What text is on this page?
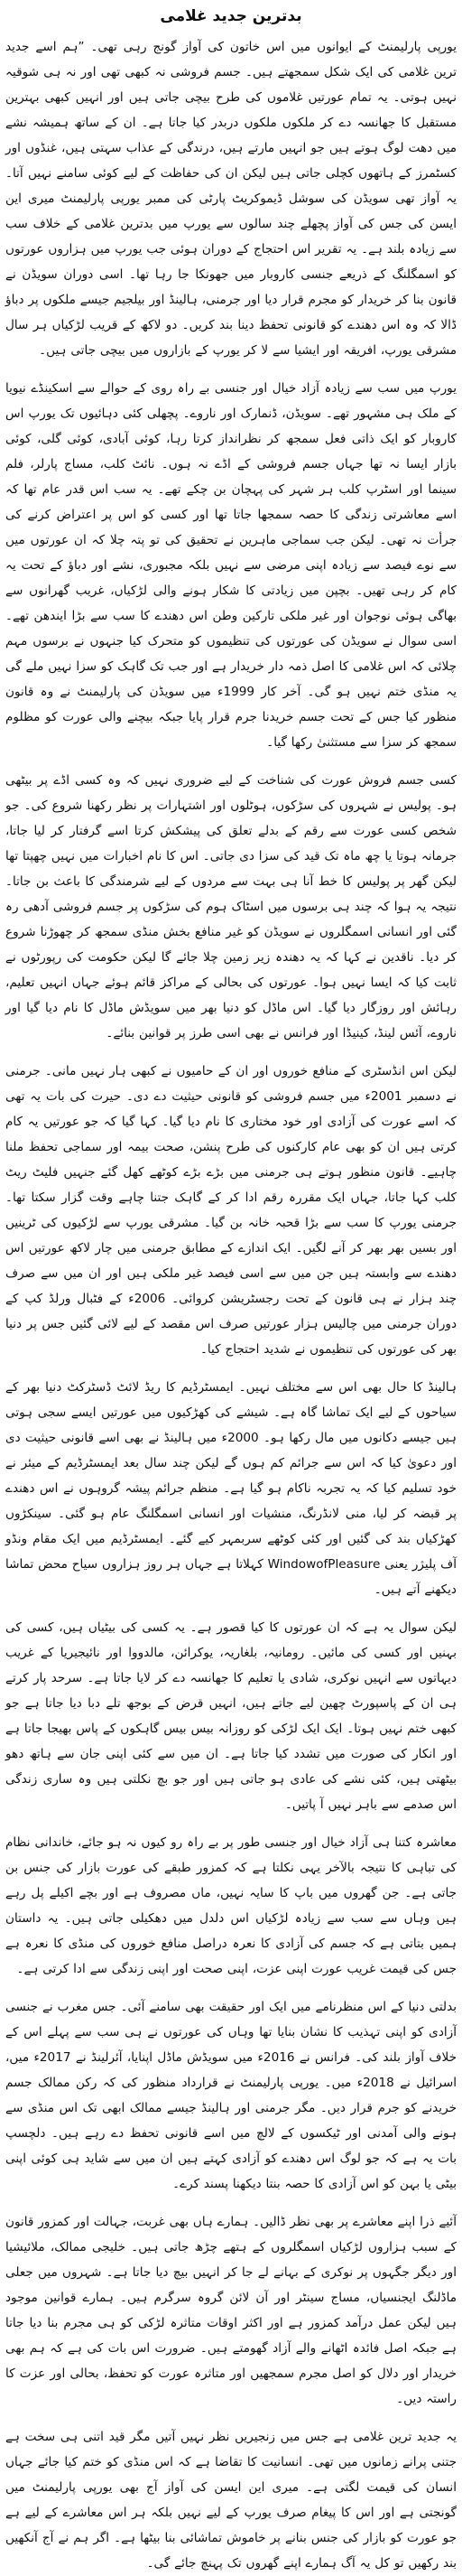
بدترین جدید غلامی
یورپی پارلیمنٹ کے ایوانوں میں اس خاتون کی آواز گونج رہی تھی۔ ”ہم اسے جدید ترین غلامی کی ایک شکل سمجھتے ہیں۔ جسم فروشی نہ کبھی تھی اور نہ ہی شوقیہ نہیں ہوتی۔ یہ تمام عورتیں غلاموں کی طرح بیچی جاتی ہیں اور انہیں کبھی بہترین مستقبل کا جھانسہ دے کر ملکوں ملکوں دربدر کیا جاتا ہے۔ ان کے ساتھ ہمیشہ نشے میں دھت لوگ ہوتے ہیں جو انہیں مارتے ہیں، درندگی کے عذاب سہتی ہیں، غنڈوں اور کسٹمرز کے ہاتھوں کچلی جاتی ہیں لیکن ان کی حفاظت کے لیے کوئی سامنے نہیں آتا۔ یہ آواز تھی سویڈن کی سوشل ڈیموکریٹ پارٹی کی ممبر یورپی پارلیمنٹ میری این ایسن کی جس کی آواز پچھلے چند سالوں سے یورپ میں بدترین غلامی کے خلاف سب سے زیادہ بلند ہے۔ یہ تقریر اس احتجاج کے دوران ہوئی جب یورپ میں ہزاروں عورتوں کو اسمگلنگ کے ذریعے جنسی کاروبار میں جھونکا جا رہا تھا۔ اسی دوران سویڈن نے قانون بنا کر خریدار کو مجرم قرار دیا اور جرمنی، ہالینڈ اور بیلجیم جیسے ملکوں پر دباؤ ڈالا کہ وہ اس دھندے کو قانونی تحفظ دینا بند کریں۔ دو لاکھ کے قریب لڑکیاں ہر سال مشرقی یورپ، افریقہ اور ایشیا سے لا کر یورپ کے بازاروں میں بیچی جاتی ہیں۔
یورپ میں سب سے زیادہ آزاد خیال اور جنسی بے راہ روی کے حوالے سے اسکینڈے نیویا کے ملک ہی مشہور تھے۔ سویڈن، ڈنمارک اور ناروے۔ پچھلی کئی دہائیوں تک یورپ اس کاروبار کو ایک ذاتی فعل سمجھ کر نظرانداز کرتا رہا، کوئی آبادی، کوئی گلی، کوئی بازار ایسا نہ تھا جہاں جسم فروشی کے اڈے نہ ہوں۔ نائٹ کلب، مساج پارلر، فلم سینما اور اسٹرپ کلب ہر شہر کی پہچان بن چکے تھے۔ یہ سب اس قدر عام تھا کہ اسے معاشرتی زندگی کا حصہ سمجھا جاتا تھا اور کسی کو اس پر اعتراض کرنے کی جرأت نہ تھی۔ لیکن جب سماجی ماہرین نے تحقیق کی تو پتہ چلا کہ ان عورتوں میں سے نوے فیصد سے زیادہ اپنی مرضی سے نہیں بلکہ مجبوری، نشے اور دباؤ کے تحت یہ کام کر رہی تھیں۔ بچپن میں زیادتی کا شکار ہونے والی لڑکیاں، غریب گھرانوں سے بھاگی ہوئی نوجوان اور غیر ملکی تارکین وطن اس دھندے کا سب سے بڑا ایندھن تھے۔ اسی سوال نے سویڈن کی عورتوں کی تنظیموں کو متحرک کیا جنہوں نے برسوں مہم چلائی کہ اس غلامی کا اصل ذمہ دار خریدار ہے اور جب تک گاہک کو سزا نہیں ملے گی یہ منڈی ختم نہیں ہو گی۔ آخر کار 1999ء میں سویڈن کی پارلیمنٹ نے وہ قانون منظور کیا جس کے تحت جسم خریدنا جرم قرار پایا جبکہ بیچنے والی عورت کو مظلوم سمجھ کر سزا سے مستثنیٰ رکھا گیا۔
کسی جسم فروش عورت کی شناخت کے لیے ضروری نہیں کہ وہ کسی اڈے پر بیٹھی ہو۔ پولیس نے شہروں کی سڑکوں، ہوٹلوں اور اشتہارات پر نظر رکھنا شروع کی۔ جو شخص کسی عورت سے رقم کے بدلے تعلق کی پیشکش کرتا اسے گرفتار کر لیا جاتا، جرمانہ ہوتا یا چھ ماہ تک قید کی سزا دی جاتی۔ اس کا نام اخبارات میں نہیں چھپتا تھا لیکن گھر پر پولیس کا خط آنا ہی بہت سے مردوں کے لیے شرمندگی کا باعث بن جاتا۔ نتیجہ یہ ہوا کہ چند ہی برسوں میں اسٹاک ہوم کی سڑکوں پر جسم فروشی آدھی رہ گئی اور انسانی اسمگلروں نے سویڈن کو غیر منافع بخش منڈی سمجھ کر چھوڑنا شروع کر دیا۔ ناقدین نے کہا کہ یہ دھندہ زیر زمین چلا جائے گا لیکن حکومت کی رپورٹوں نے ثابت کیا کہ ایسا نہیں ہوا۔ عورتوں کی بحالی کے مراکز قائم ہوئے جہاں انہیں تعلیم، رہائش اور روزگار دیا گیا۔ اس ماڈل کو دنیا بھر میں سویڈش ماڈل کا نام دیا گیا اور ناروے، آئس لینڈ، کینیڈا اور فرانس نے بھی اسی طرز پر قوانین بنائے۔
لیکن اس انڈسٹری کے منافع خوروں اور ان کے حامیوں نے کبھی ہار نہیں مانی۔ جرمنی نے دسمبر 2001ء میں جسم فروشی کو قانونی حیثیت دے دی۔ حیرت کی بات یہ تھی کہ اسے عورت کی آزادی اور خود مختاری کا نام دیا گیا۔ کہا گیا کہ جو عورتیں یہ کام کرتی ہیں ان کو بھی عام کارکنوں کی طرح پنشن، صحت بیمہ اور سماجی تحفظ ملنا چاہیے۔ قانون منظور ہوتے ہی جرمنی میں بڑے بڑے کوٹھے کھل گئے جنہیں فلیٹ ریٹ کلب کہا جاتا، جہاں ایک مقررہ رقم ادا کر کے گاہک جتنا چاہے وقت گزار سکتا تھا۔ جرمنی یورپ کا سب سے بڑا قحبہ خانہ بن گیا۔ مشرقی یورپ سے لڑکیوں کی ٹرینیں اور بسیں بھر بھر کر آنے لگیں۔ ایک اندازے کے مطابق جرمنی میں چار لاکھ عورتیں اس دھندے سے وابستہ ہیں جن میں سے اسی فیصد غیر ملکی ہیں اور ان میں سے صرف چند ہزار نے ہی قانون کے تحت رجسٹریشن کروائی۔ 2006ء کے فٹبال ورلڈ کپ کے دوران جرمنی میں چالیس ہزار عورتیں صرف اس مقصد کے لیے لائی گئیں جس پر دنیا بھر کی عورتوں کی تنظیموں نے شدید احتجاج کیا۔
ہالینڈ کا حال بھی اس سے مختلف نہیں۔ ایمسٹرڈیم کا ریڈ لائٹ ڈسٹرکٹ دنیا بھر کے سیاحوں کے لیے ایک تماشا گاہ ہے۔ شیشے کی کھڑکیوں میں عورتیں ایسے سجی ہوتی ہیں جیسے دکانوں میں مال رکھا ہو۔ 2000ء میں ہالینڈ نے بھی اسے قانونی حیثیت دی اور دعویٰ کیا کہ اس سے جرائم کم ہوں گے لیکن چند سال بعد ایمسٹرڈیم کے میئر نے خود تسلیم کیا کہ یہ تجربہ ناکام ہو گیا ہے۔ منظم جرائم پیشہ گروہوں نے اس دھندے پر قبضہ کر لیا، منی لانڈرنگ، منشیات اور انسانی اسمگلنگ عام ہو گئی۔ سینکڑوں کھڑکیاں بند کی گئیں اور کئی کوٹھے سربمہر کیے گئے۔ ایمسٹرڈیم میں ایک مقام ونڈو آف پلیژر یعنی WindowofPleasure کہلاتا ہے جہاں ہر روز ہزاروں سیاح محض تماشا دیکھنے آتے ہیں۔
لیکن سوال یہ ہے کہ ان عورتوں کا کیا قصور ہے۔ یہ کسی کی بیٹیاں ہیں، کسی کی بہنیں اور کسی کی مائیں۔ رومانیہ، بلغاریہ، یوکرائن، مالدووا اور نائیجیریا کے غریب دیہاتوں سے انہیں نوکری، شادی یا تعلیم کا جھانسہ دے کر لایا جاتا ہے۔ سرحد پار کرتے ہی ان کے پاسپورٹ چھین لیے جاتے ہیں، انہیں قرض کے بوجھ تلے دبا دیا جاتا ہے جو کبھی ختم نہیں ہوتا۔ ایک ایک لڑکی کو روزانہ بیس بیس گاہکوں کے پاس بھیجا جاتا ہے اور انکار کی صورت میں تشدد کیا جاتا ہے۔ ان میں سے کئی اپنی جان سے ہاتھ دھو بیٹھتی ہیں، کئی نشے کی عادی ہو جاتی ہیں اور جو بچ نکلتی ہیں وہ ساری زندگی اس صدمے سے باہر نہیں آ پاتیں۔
معاشرہ کتنا ہی آزاد خیال اور جنسی طور پر بے راہ رو کیوں نہ ہو جائے، خاندانی نظام کی تباہی کا نتیجہ بالآخر یہی نکلتا ہے کہ کمزور طبقے کی عورت بازار کی جنس بن جاتی ہے۔ جن گھروں میں باپ کا سایہ نہیں، ماں مصروف ہے اور بچے اکیلے پل رہے ہیں وہاں سے سب سے زیادہ لڑکیاں اس دلدل میں دھکیلی جاتی ہیں۔ یہ داستان ہمیں بتاتی ہے کہ جسم کی آزادی کا نعرہ دراصل منافع خوروں کی منڈی کا نعرہ ہے جس کی قیمت غریب عورت اپنی عزت، اپنی صحت اور اپنی زندگی سے ادا کرتی ہے۔
بدلتی دنیا کے اس منظرنامے میں ایک اور حقیقت بھی سامنے آئی۔ جس مغرب نے جنسی آزادی کو اپنی تہذیب کا نشان بنایا تھا وہاں کی عورتوں نے ہی سب سے پہلے اس کے خلاف آواز بلند کی۔ فرانس نے 2016ء میں سویڈش ماڈل اپنایا، آئرلینڈ نے 2017ء میں، اسرائیل نے 2018ء میں۔ یورپی پارلیمنٹ نے قرارداد منظور کی کہ رکن ممالک جسم خریدنے کو جرم قرار دیں۔ مگر جرمنی اور ہالینڈ جیسے ممالک ابھی تک اس منڈی سے ہونے والی آمدنی اور ٹیکسوں کے لالچ میں اسے قانونی تحفظ دے رہے ہیں۔ دلچسپ بات یہ ہے کہ جو لوگ اس دھندے کو آزادی کہتے ہیں ان میں سے شاید ہی کوئی اپنی بیٹی یا بہن کو اس آزادی کا حصہ بنتا دیکھنا پسند کرے۔
آئیے ذرا اپنے معاشرے پر بھی نظر ڈالیں۔ ہمارے ہاں بھی غربت، جہالت اور کمزور قانون کے سبب ہزاروں لڑکیاں اسمگلروں کے ہتھے چڑھ جاتی ہیں۔ خلیجی ممالک، ملائیشیا اور دیگر جگہوں پر نوکری کے بہانے لے جا کر انہیں بیچ دیا جاتا ہے۔ شہروں میں جعلی ماڈلنگ ایجنسیاں، مساج سینٹر اور آن لائن گروہ سرگرم ہیں۔ ہمارے قوانین موجود ہیں لیکن عمل درآمد کمزور ہے اور اکثر اوقات متاثرہ لڑکی کو ہی مجرم بنا دیا جاتا ہے جبکہ اصل فائدہ اٹھانے والے آزاد گھومتے ہیں۔ ضرورت اس بات کی ہے کہ ہم بھی خریدار اور دلال کو اصل مجرم سمجھیں اور متاثرہ عورت کو تحفظ، بحالی اور عزت کا راستہ دیں۔
یہ جدید ترین غلامی ہے جس میں زنجیریں نظر نہیں آتیں مگر قید اتنی ہی سخت ہے جتنی پرانے زمانوں میں تھی۔ انسانیت کا تقاضا ہے کہ اس منڈی کو ختم کیا جائے جہاں انسان کی قیمت لگتی ہے۔ میری این ایسن کی آواز آج بھی یورپی پارلیمنٹ میں گونجتی ہے اور اس کا پیغام صرف یورپ کے لیے نہیں بلکہ ہر اس معاشرے کے لیے ہے جو عورت کو بازار کی جنس بنانے پر خاموش تماشائی بنا بیٹھا ہے۔ اگر ہم نے آج آنکھیں بند رکھیں تو کل یہ آگ ہمارے اپنے گھروں تک پہنچ جائے گی۔
